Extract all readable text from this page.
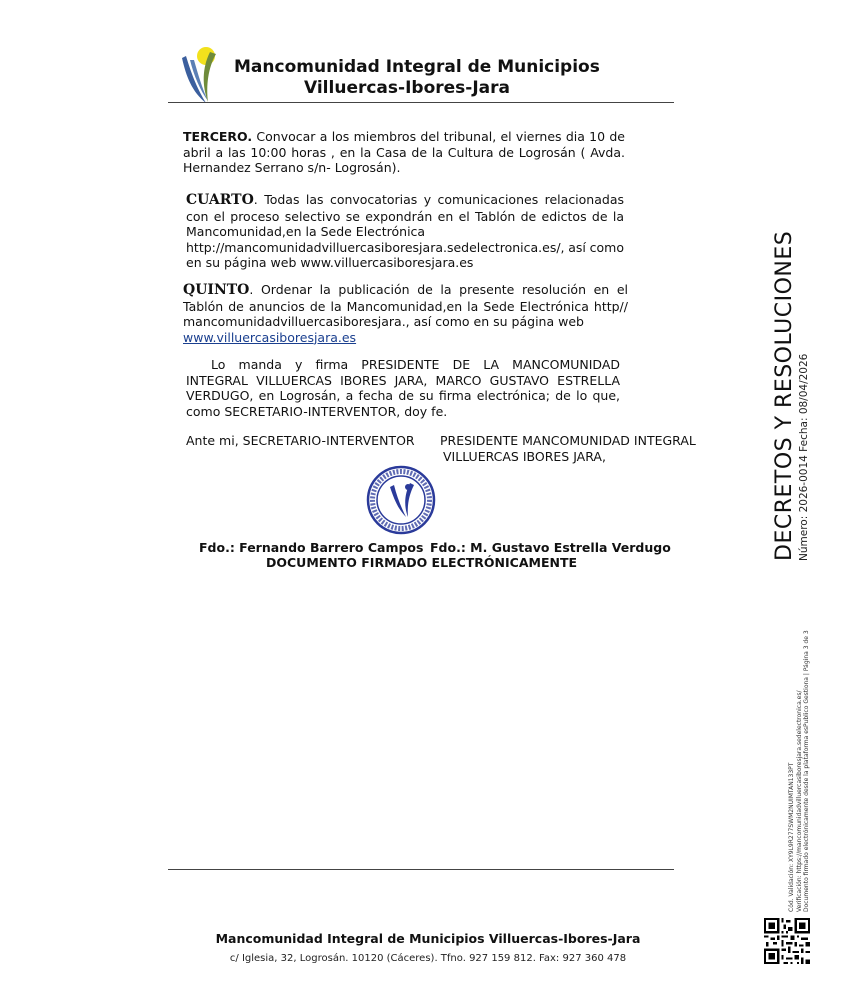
Mancomunidad Integral de Municipios
Villuercas-Ibores-Jara
TERCERO. Convocar a los miembros del tribunal, el viernes dia 10 de abril a las 10:00 horas , en la Casa de la Cultura de Logrosán ( Avda. Hernandez Serrano s/n- Logrosán).
CUARTO. Todas las convocatorias y comunicaciones relacionadas con el proceso selectivo se expondrán en el Tablón de edictos de la Mancomunidad,en la Sede Electrónica
http://mancomunidadvilluercasiboresjara.sedelectronica.es/, así como
en su página web www.villuercasiboresjara.es
QUINTO. Ordenar la publicación de la presente resolución en el Tablón de anuncios de la Mancomunidad,en la Sede Electrónica http// mancomunidadvilluercasiboresjara., así como en su página web
www.villuercasiboresjara.es
Lo manda y firma PRESIDENTE DE LA MANCOMUNIDAD INTEGRAL VILLUERCAS IBORES JARA, MARCO GUSTAVO ESTRELLA VERDUGO, en Logrosán, a fecha de su firma electrónica; de lo que, como SECRETARIO-INTERVENTOR, doy fe.
Ante mi, SECRETARIO-INTERVENTOR PRESIDENTE MANCOMUNIDAD INTEGRAL
VILLUERCAS IBORES JARA,
Fdo.: Fernando Barrero Campos Fdo.: M. Gustavo Estrella Verdugo
DOCUMENTO FIRMADO ELECTRÓNICAMENTE
Mancomunidad Integral de Municipios Villuercas-Ibores-Jara
c/ Iglesia, 32, Logrosán. 10120 (Cáceres). Tfno. 927 159 812. Fax: 927 360 478
DECRETOS Y RESOLUCIONES Número: 2026-0014 Fecha: 08/04/2026
Cód. Validación: XY9L9R277SWM2NUIMTAN133PT Verificación: https://mancomunidadvilluercasiboresjara.sedelectronica.es/ Documento firmado electrónicamente desde la plataforma esPublico Gestiona | Página 3 de 3
